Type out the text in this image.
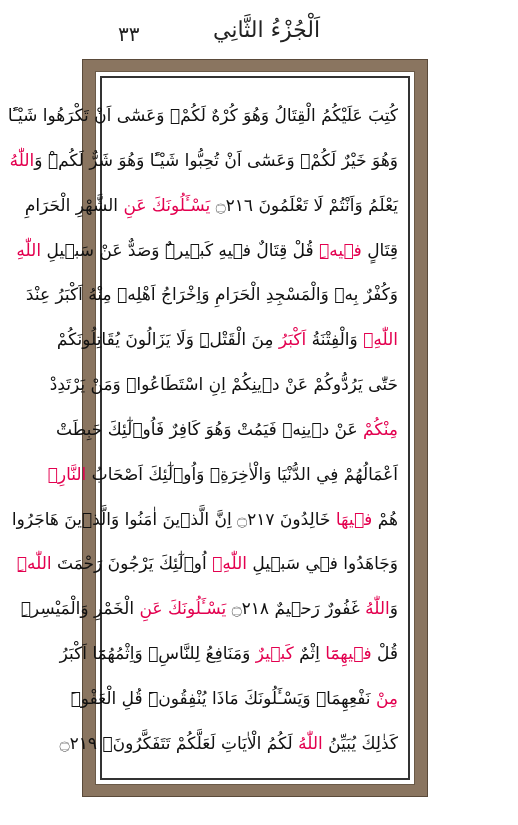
٣٣	اَلْجُزْءُ الثَّانِي
كُتِبَ عَلَيْكُمُ الْقِتَالُ وَهُوَ كُرْهٌ لَكُمْۚ وَعَسٰٓى اَنْ تَكْرَهُوا شَيْـًٔا
وَهُوَ خَيْرٌ لَكُمْۚ وَعَسٰٓى اَنْ تُحِبُّوا شَيْـًٔا وَهُوَ شَرٌّ لَكُمْۜ وَاللّٰهُ
يَعْلَمُ وَاَنْتُمْ لَا تَعْلَمُونَ ۝٢١٦ يَسْـَٔلُونَكَ عَنِ الشَّهْرِ الْحَرَامِ
قِتَالٍ ف۪يهِۜ قُلْ قِتَالٌ ف۪يهِ كَب۪يرٌۜ وَصَدٌّ عَنْ سَب۪يلِ اللّٰهِ
وَكُفْرٌ بِه۪ وَالْمَسْجِدِ الْحَرَامِ وَاِخْرَاجُ اَهْلِه۪ مِنْهُ اَكْبَرُ عِنْدَ
اللّٰهِۚ وَالْفِتْنَةُ اَكْبَرُ مِنَ الْقَتْلِۜ وَلَا يَزَالُونَ يُقَاتِلُونَكُمْ
حَتّٰى يَرُدُّوكُمْ عَنْ د۪ينِكُمْ اِنِ اسْتَطَاعُواۜ وَمَنْ يَرْتَدِدْ
مِنْكُمْ عَنْ د۪ينِه۪ فَيَمُتْ وَهُوَ كَافِرٌ فَاُو۬لٰٓئِكَ حَبِطَتْ
اَعْمَالُهُمْ فِي الدُّنْيَا وَالْاٰخِرَةِۚ وَاُو۬لٰٓئِكَ اَصْحَابُ النَّارِۚ
هُمْ ف۪يهَا خَالِدُونَ ۝٢١٧ اِنَّ الَّذ۪ينَ اٰمَنُوا وَالَّذ۪ينَ هَاجَرُوا
وَجَاهَدُوا ف۪ي سَب۪يلِ اللّٰهِۙ اُو۬لٰٓئِكَ يَرْجُونَ رَحْمَتَ اللّٰهِۜ
وَاللّٰهُ غَفُورٌ رَح۪يمٌ ۝٢١٨ يَسْـَٔلُونَكَ عَنِ الْخَمْرِ وَالْمَيْسِرِۜ
قُلْ ف۪يهِمَٓا اِثْمٌ كَب۪يرٌ وَمَنَافِعُ لِلنَّاسِۘ وَاِثْمُهُمَٓا اَكْبَرُ
مِنْ نَفْعِهِمَاۜ وَيَسْـَٔلُونَكَ مَاذَا يُنْفِقُونَۜ قُلِ الْعَفْوَۜ
كَذٰلِكَ يُبَيِّنُ اللّٰهُ لَكُمُ الْاٰيَاتِ لَعَلَّكُمْ تَتَفَكَّرُونَۙ ۝٢١٩
